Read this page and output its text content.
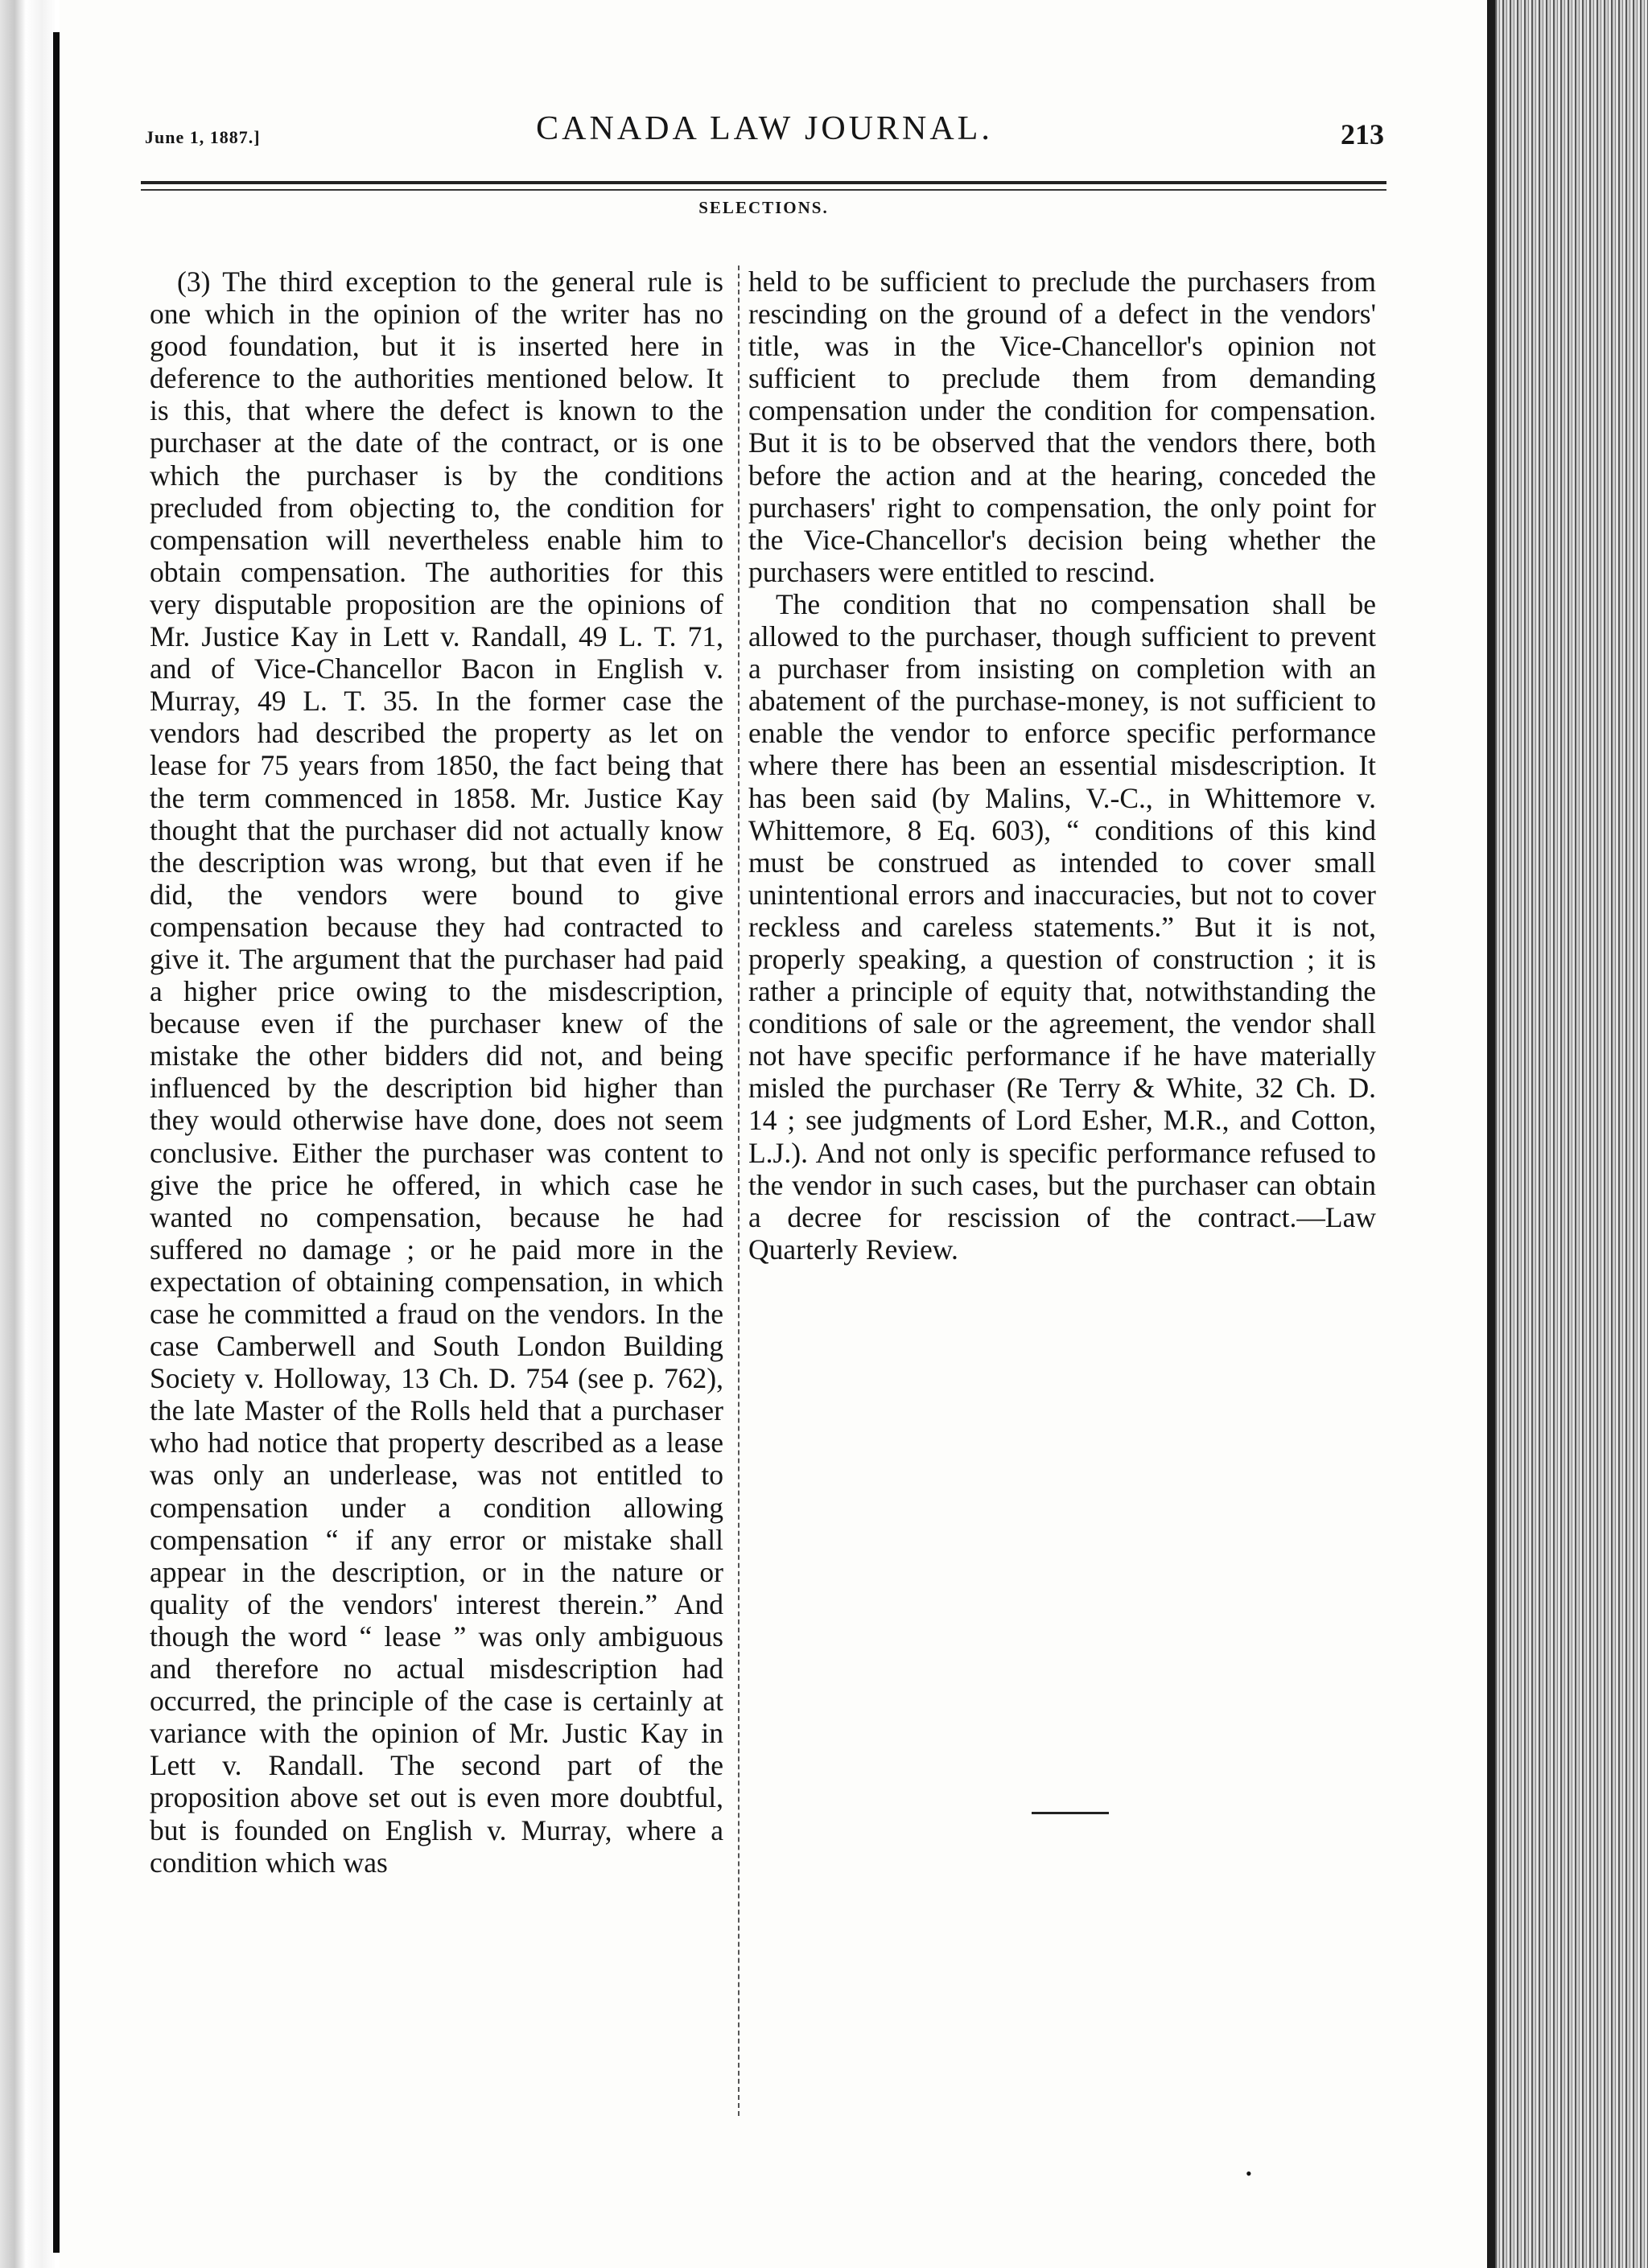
June 1, 1887.]	CANADA LAW JOURNAL.	213
SELECTIONS.

(3) The third exception to the general rule is one which in the opinion of the writer has no good foundation, but it is inserted here in deference to the authorities mentioned below. It is this, that where the defect is known to the purchaser at the date of the contract, or is one which the purchaser is by the conditions precluded from objecting to, the condition for compensation will nevertheless enable him to obtain compensation. The authorities for this very disputable proposition are the opinions of Mr. Justice Kay in Lett v. Randall, 49 L. T. 71, and of Vice-Chancellor Bacon in English v. Murray, 49 L. T. 35. In the former case the vendors had described the property as let on lease for 75 years from 1850, the fact being that the term commenced in 1858. Mr. Justice Kay thought that the purchaser did not actually know the description was wrong, but that even if he did, the vendors were bound to give compensation because they had contracted to give it. The argument that the purchaser had paid a higher price owing to the misdescription, because even if the purchaser knew of the mistake the other bidders did not, and being influenced by the description bid higher than they would otherwise have done, does not seem conclusive. Either the purchaser was content to give the price he offered, in which case he wanted no compensation, because he had suffered no damage ; or he paid more in the expectation of obtaining compensation, in which case he committed a fraud on the vendors. In the case Camberwell and South London Building Society v. Holloway, 13 Ch. D. 754 (see p. 762), the late Master of the Rolls held that a purchaser who had notice that property described as a lease was only an underlease, was not entitled to compensation under a condition allowing compensation “ if any error or mistake shall appear in the description, or in the nature or quality of the vendors' interest therein.” And though the word “ lease ” was only ambiguous and therefore no actual misdescription had occurred, the principle of the case is certainly at variance with the opinion of Mr. Justic Kay in Lett v. Randall. The second part of the proposition above set out is even more doubtful, but is founded on English v. Murray, where a condition which was

held to be sufficient to preclude the purchasers from rescinding on the ground of a defect in the vendors' title, was in the Vice-Chancellor's opinion not sufficient to preclude them from demanding compensation under the condition for compensation. But it is to be observed that the vendors there, both before the action and at the hearing, conceded the purchasers' right to compensation, the only point for the Vice-Chancellor's decision being whether the purchasers were entitled to rescind.

The condition that no compensation shall be allowed to the purchaser, though sufficient to prevent a purchaser from insisting on completion with an abatement of the purchase-money, is not sufficient to enable the vendor to enforce specific performance where there has been an essential misdescription. It has been said (by Malins, V.-C., in Whittemore v. Whittemore, 8 Eq. 603), “ conditions of this kind must be construed as intended to cover small unintentional errors and inaccuracies, but not to cover reckless and careless statements.” But it is not, properly speaking, a question of construction ; it is rather a principle of equity that, notwithstanding the conditions of sale or the agreement, the vendor shall not have specific performance if he have materially misled the purchaser (Re Terry & White, 32 Ch. D. 14 ; see judgments of Lord Esher, M.R., and Cotton, L.J.). And not only is specific performance refused to the vendor in such cases, but the purchaser can obtain a decree for rescission of the contract.—Law Quarterly Review.

•
